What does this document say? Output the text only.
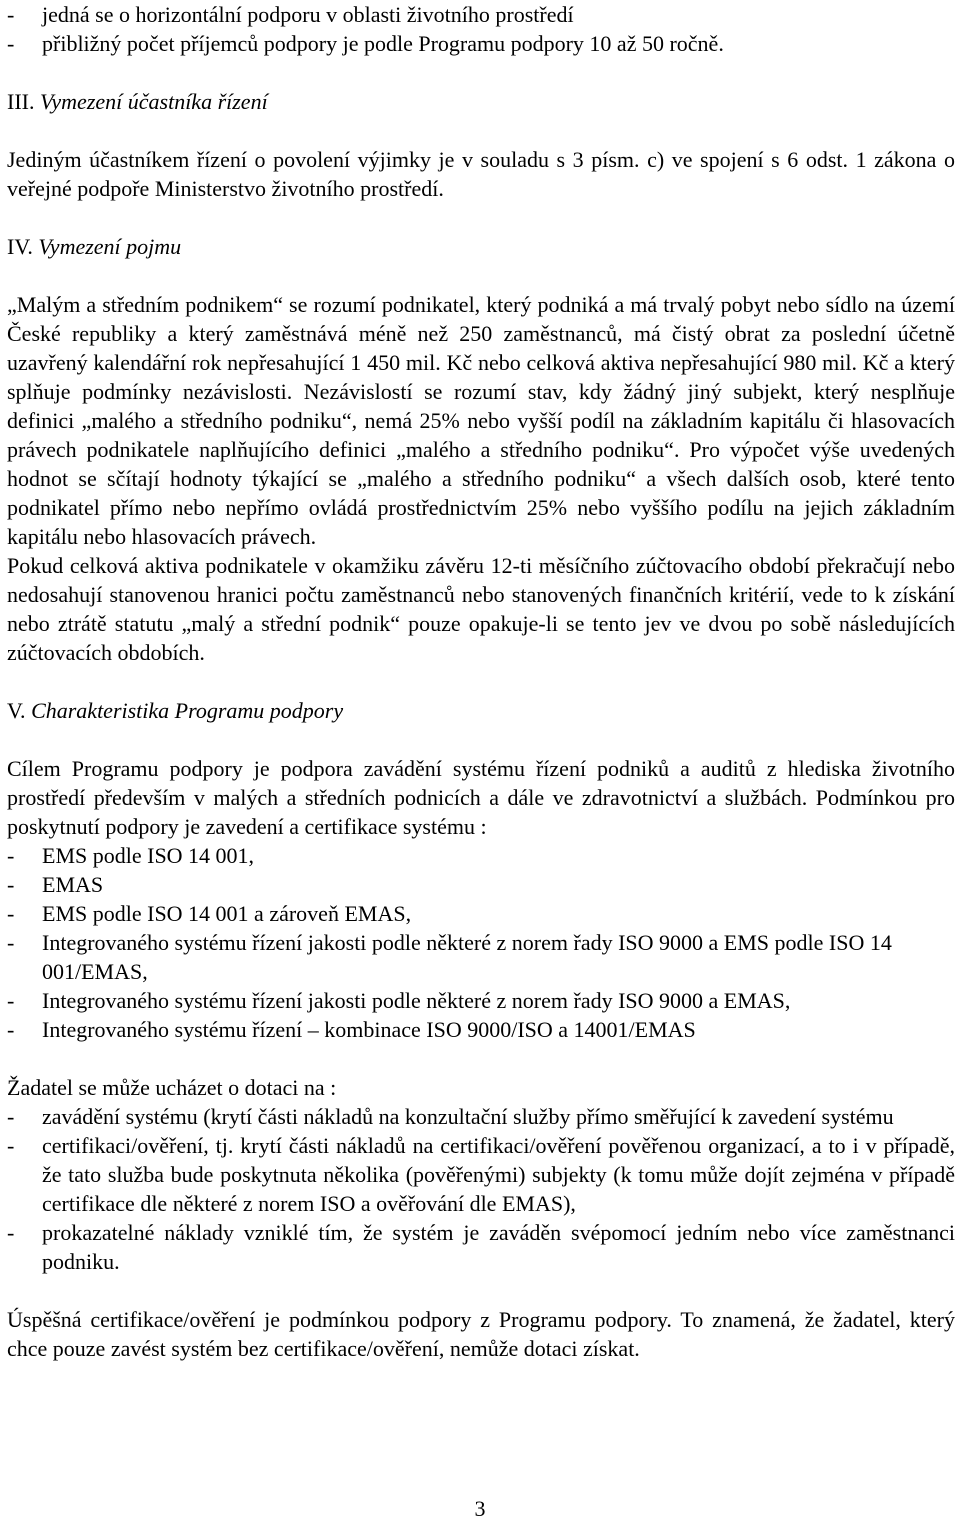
- jedná se o horizontální podporu v oblasti životního prostředí
- přibližný počet příjemců podpory je podle Programu podpory 10 až 50 ročně.

III. Vymezení účastníka řízení

Jediným účastníkem řízení o povolení výjimky je v souladu s 3 písm. c) ve spojení s 6 odst. 1 zákona o veřejné podpoře Ministerstvo životního prostředí.

IV. Vymezení pojmu

„Malým a středním podnikem“ se rozumí podnikatel, který podniká a má trvalý pobyt nebo sídlo na území České republiky a který zaměstnává méně než 250 zaměstnanců, má čistý obrat za poslední účetně uzavřený kalendářní rok nepřesahující 1 450 mil. Kč nebo celková aktiva nepřesahující 980 mil. Kč a který splňuje podmínky nezávislosti. Nezávislostí se rozumí stav, kdy žádný jiný subjekt, který nesplňuje definici „malého a středního podniku“, nemá 25% nebo vyšší podíl na základním kapitálu či hlasovacích právech podnikatele naplňujícího definici „malého a středního podniku“. Pro výpočet výše uvedených hodnot se sčítají hodnoty týkající se „malého a středního podniku“ a všech dalších osob, které tento podnikatel přímo nebo nepřímo ovládá prostřednictvím 25% nebo vyššího podílu na jejich základním kapitálu nebo hlasovacích právech.

Pokud celková aktiva podnikatele v okamžiku závěru 12-ti měsíčního zúčtovacího období překračují nebo nedosahují stanovenou hranici počtu zaměstnanců nebo stanovených finančních kritérií, vede to k získání nebo ztrátě statutu „malý a střední podnik“ pouze opakuje-li se tento jev ve dvou po sobě následujících zúčtovacích obdobích.

V. Charakteristika Programu podpory

Cílem Programu podpory je podpora zavádění systému řízení podniků a auditů z hlediska životního prostředí především v malých a středních podnicích a dále ve zdravotnictví a službách. Podmínkou pro poskytnutí podpory je zavedení a certifikace systému :

- EMS podle ISO 14 001,
- EMAS
- EMS podle ISO 14 001 a zároveň EMAS,
- Integrovaného systému řízení jakosti podle některé z norem řady ISO 9000 a EMS podle ISO 14 001/EMAS,
- Integrovaného systému řízení jakosti podle některé z norem řady ISO 9000 a EMAS,
- Integrovaného systému řízení – kombinace ISO 9000/ISO a 14001/EMAS

Žadatel se může ucházet o dotaci na :

- zavádění systému (krytí části nákladů na konzultační služby přímo směřující k zavedení systému
- certifikaci/ověření, tj. krytí části nákladů na certifikaci/ověření pověřenou organizací, a to i v případě, že tato služba bude poskytnuta několika (pověřenými) subjekty (k tomu může dojít zejména v případě certifikace dle některé z norem ISO a ověřování dle EMAS),
- prokazatelné náklady vzniklé tím, že systém je zaváděn svépomocí jedním nebo více zaměstnanci podniku.

Úspěšná certifikace/ověření je podmínkou podpory z Programu podpory. To znamená, že žadatel, který chce pouze zavést systém bez certifikace/ověření, nemůže dotaci získat.

3
